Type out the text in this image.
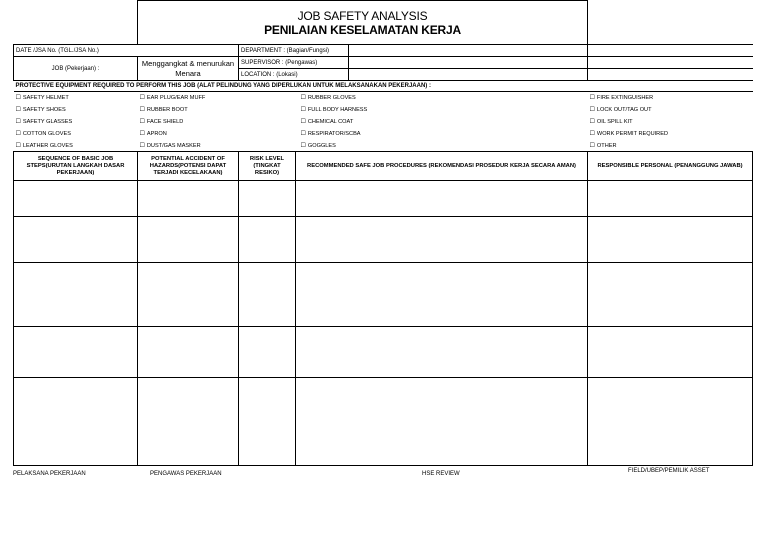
	JOB SAFETY ANALYSIS
PENILAIAN KESELAMATAN KERJA				

DATE /JSA No. (TGL./JSA No.)		DEPARTMENT : (Bagian/Fungsi)			
JOB (Pekerjaan) :	Menggangkat & menurukan Menara	SUPERVISOR : (Pengawas)			
		LOCATION : (Lokasi)			
PROTECTIVE EQUIPMENT REQUIRED TO PERFORM THIS JOB (ALAT PELINDUNG YANG DIPERLUKAN UNTUK MELAKSANAKAN PEKERJAAN) :					
☐ SAFETY HELMET	☐ EAR PLUG/EAR MUFF		☐ RUBBER GLOVES		☐ FIRE EXTINGUISHER
☐ SAFETY SHOES	☐ RUBBER BOOT		☐ FULL BODY HARNESS		☐ LOCK OUT/TAG OUT
☐ SAFETY GLASSES	☐ FACE SHIELD		☐ CHEMICAL COAT		☐ OIL SPILL KIT
☐ COTTON GLOVES	☐ APRON		☐ RESPIRATOR/SCBA		☐ WORK PERMIT REQUIRED
☐ LEATHER GLOVES	☐ DUST/GAS MASKER		☐ GOGGLES		☐ OTHER
SEQUENCE OF BASIC JOB STEPS(URUTAN LANGKAH DASAR PEKERJAAN)	POTENTIAL ACCIDENT OF HAZARDS(POTENSI DAPAT TERJADI KECELAKAAN)	RISK LEVEL (TINGKAT RESIKO)	RECOMMENDED SAFE JOB PROCEDURES (REKOMENDASI PROSEDUR KERJA SECARA AMAN)		RESPONSIBLE PERSONAL (PENANGGUNG JAWAB)

PELAKSANA PEKERJAAN	PENGAWAS PEKERJAAN	HSE REVIEW	FIELD/UBEP/PEMILIK ASSET
